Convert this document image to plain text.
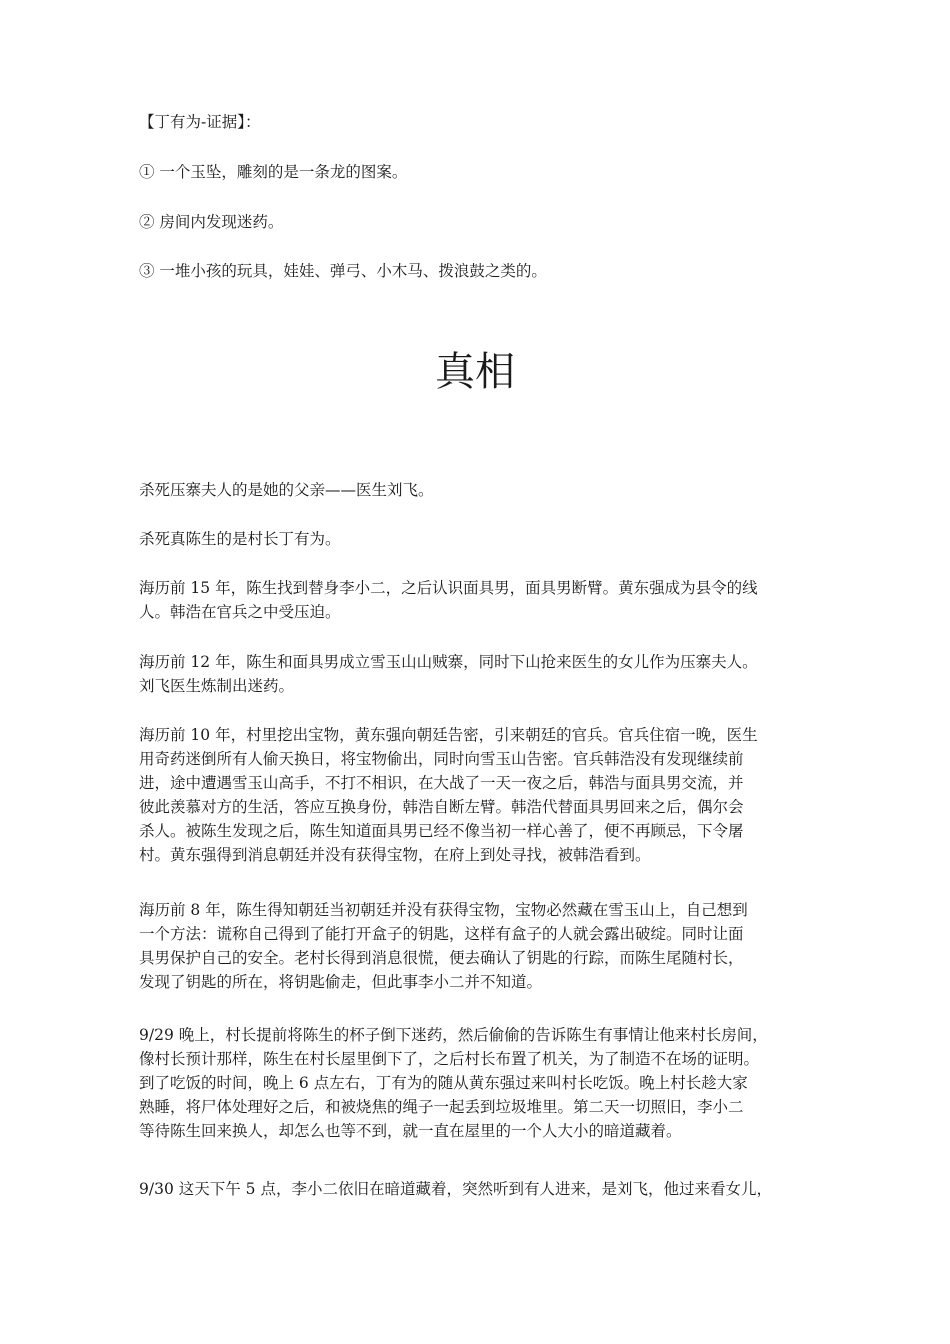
【丁有为-证据】：
① 一个玉坠，雕刻的是一条龙的图案。
② 房间内发现迷药。
③ 一堆小孩的玩具，娃娃、弹弓、小木马、拨浪鼓之类的。
真相
杀死压寨夫人的是她的父亲——医生刘飞。
杀死真陈生的是村长丁有为。
海历前 15 年，陈生找到替身李小二，之后认识面具男，面具男断臂。黄东强成为县令的线
人。韩浩在官兵之中受压迫。
海历前 12 年，陈生和面具男成立雪玉山山贼寨，同时下山抢来医生的女儿作为压寨夫人。
刘飞医生炼制出迷药。
海历前 10 年，村里挖出宝物，黄东强向朝廷告密，引来朝廷的官兵。官兵住宿一晚，医生
用奇药迷倒所有人偷天换日，将宝物偷出，同时向雪玉山告密。官兵韩浩没有发现继续前
进，途中遭遇雪玉山高手，不打不相识，在大战了一天一夜之后，韩浩与面具男交流，并
彼此羡慕对方的生活，答应互换身份，韩浩自断左臂。韩浩代替面具男回来之后，偶尔会
杀人。被陈生发现之后，陈生知道面具男已经不像当初一样心善了，便不再顾忌，下令屠
村。黄东强得到消息朝廷并没有获得宝物，在府上到处寻找，被韩浩看到。
海历前 8 年，陈生得知朝廷当初朝廷并没有获得宝物，宝物必然藏在雪玉山上，自己想到
一个方法：谎称自己得到了能打开盒子的钥匙，这样有盒子的人就会露出破绽。同时让面
具男保护自己的安全。老村长得到消息很慌，便去确认了钥匙的行踪，而陈生尾随村长，
发现了钥匙的所在，将钥匙偷走，但此事李小二并不知道。
9/29 晚上，村长提前将陈生的杯子倒下迷药，然后偷偷的告诉陈生有事情让他来村长房间，
像村长预计那样，陈生在村长屋里倒下了，之后村长布置了机关，为了制造不在场的证明。
到了吃饭的时间，晚上 6 点左右，丁有为的随从黄东强过来叫村长吃饭。晚上村长趁大家
熟睡，将尸体处理好之后，和被烧焦的绳子一起丢到垃圾堆里。第二天一切照旧，李小二
等待陈生回来换人，却怎么也等不到，就一直在屋里的一个人大小的暗道藏着。
9/30 这天下午 5 点，李小二依旧在暗道藏着，突然听到有人进来，是刘飞，他过来看女儿，
